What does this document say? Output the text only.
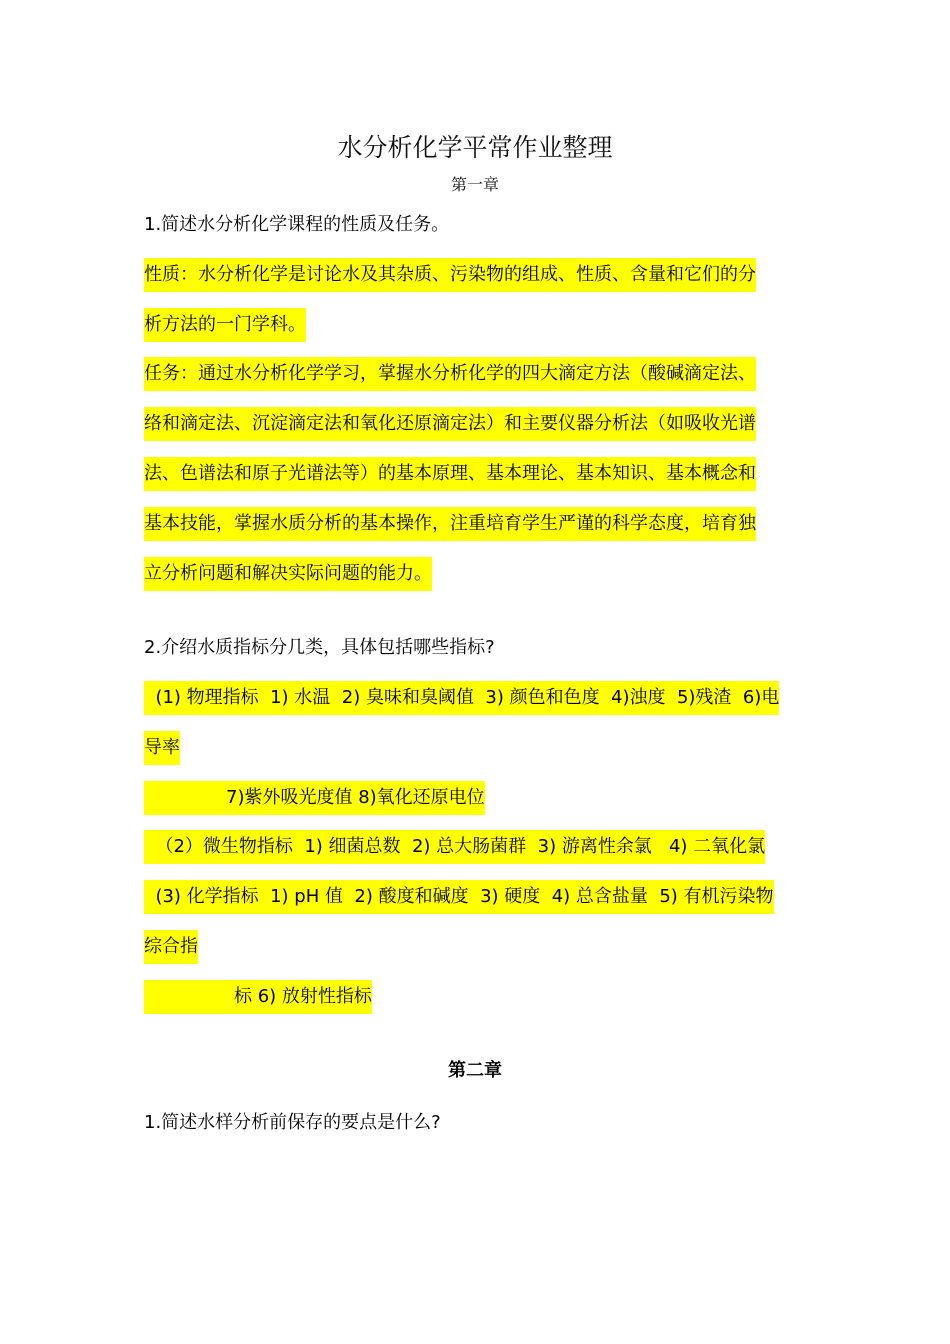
水分析化学平常作业整理
第一章
1.简述水分析化学课程的性质及任务。
性质：水分析化学是讨论水及其杂质、污染物的组成、性质、含量和它们的分
析方法的一门学科。
任务：通过水分析化学学习，掌握水分析化学的四大滴定方法（酸碱滴定法、
络和滴定法、沉淀滴定法和氧化还原滴定法）和主要仪器分析法（如吸收光谱
法、色谱法和原子光谱法等）的基本原理、基本理论、基本知识、基本概念和
基本技能，掌握水质分析的基本操作，注重培育学生严谨的科学态度，培育独
立分析问题和解决实际问题的能力。
2.介绍水质指标分几类，具体包括哪些指标?
(1) 物理指标  1) 水温  2) 臭味和臭阈值  3) 颜色和色度  4)浊度  5)残渣  6)电
导率
7)紫外吸光度值 8)氧化还原电位
（2）微生物指标  1) 细菌总数  2) 总大肠菌群  3) 游离性余氯   4) 二氧化氯
(3) 化学指标  1) pH 值  2) 酸度和碱度  3) 硬度  4) 总含盐量  5) 有机污染物
综合指
标 6) 放射性指标
第二章
1.简述水样分析前保存的要点是什么?
